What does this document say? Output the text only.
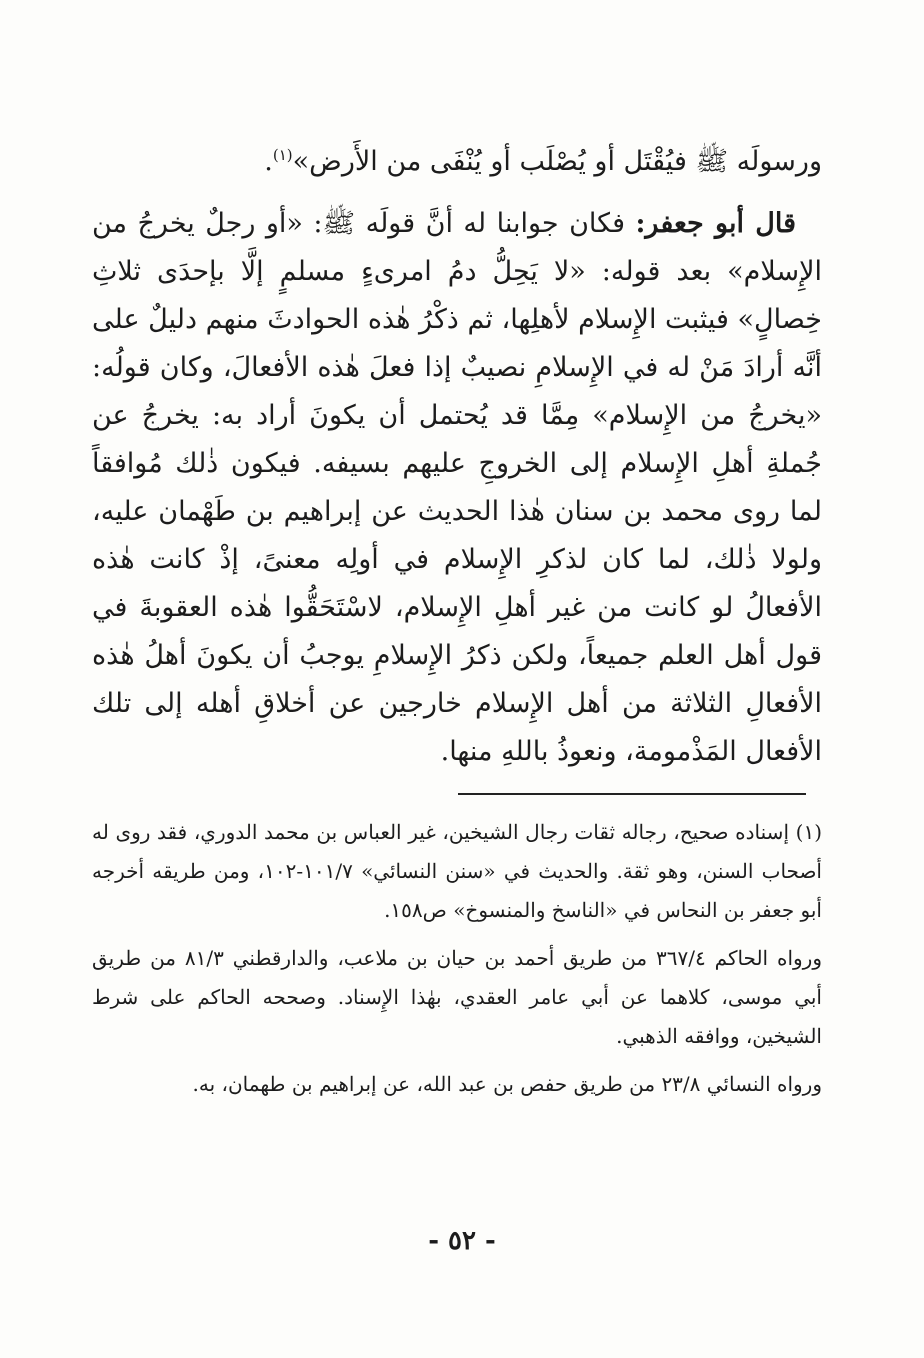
ورسولَه ﷺ فيُقْتَل أو يُصْلَب أو يُنْفَى من الأَرض»$^{(١)}$.

قال أبو جعفر: فكان جوابنا له أنَّ قولَه ﷺ: «أو رجلٌ يخرجُ من الإِسلام» بعد قوله: «لا يَحِلُّ دمُ امرىءٍ مسلمٍ إلَّا بإحدَى ثلاثِ خِصالٍ» فيثبت الإِسلام لأهلِها، ثم ذكْرُ هٰذه الحوادثَ منهم دليلٌ على أنَّه أرادَ مَنْ له في الإِسلامِ نصيبٌ إذا فعلَ هٰذه الأفعالَ، وكان قولُه: «يخرجُ من الإِسلام» مِمَّا قد يُحتمل أن يكونَ أراد به: يخرجُ عن جُملةِ أهلِ الإِسلام إلى الخروجِ عليهم بسيفه. فيكون ذٰلك مُوافقاً لما روى محمد بن سنان هٰذا الحديث عن إبراهيم بن طَهْمان عليه، ولولا ذٰلك، لما كان لذكرِ الإِسلام في أولِه معنىً، إذْ كانت هٰذه الأفعالُ لو كانت من غير أهلِ الإِسلام، لاسْتَحَقُّوا هٰذه العقوبةَ في قول أهل العلم جميعاً، ولكن ذكرُ الإِسلامِ يوجبُ أن يكونَ أهلُ هٰذه الأفعالِ الثلاثة من أهل الإِسلام خارجين عن أخلاقِ أهله إلى تلك الأفعال المَذْمومة، ونعوذُ باللهِ منها.

(١) إسناده صحيح، رجاله ثقات رجال الشيخين، غير العباس بن محمد الدوري، فقد روى له أصحاب السنن، وهو ثقة. والحديث في «سنن النسائي» ١٠١/٧-١٠٢، ومن طريقه أخرجه أبو جعفر بن النحاس في «الناسخ والمنسوخ» ص١٥٨.

ورواه الحاكم ٣٦٧/٤ من طريق أحمد بن حيان بن ملاعب، والدارقطني ٨١/٣ من طريق أبي موسى، كلاهما عن أبي عامر العقدي، بهٰذا الإِسناد. وصححه الحاكم على شرط الشيخين، ووافقه الذهبي.

ورواه النسائي ٢٣/٨ من طريق حفص بن عبد الله، عن إبراهيم بن طهمان، به.

- ٥٢ -
